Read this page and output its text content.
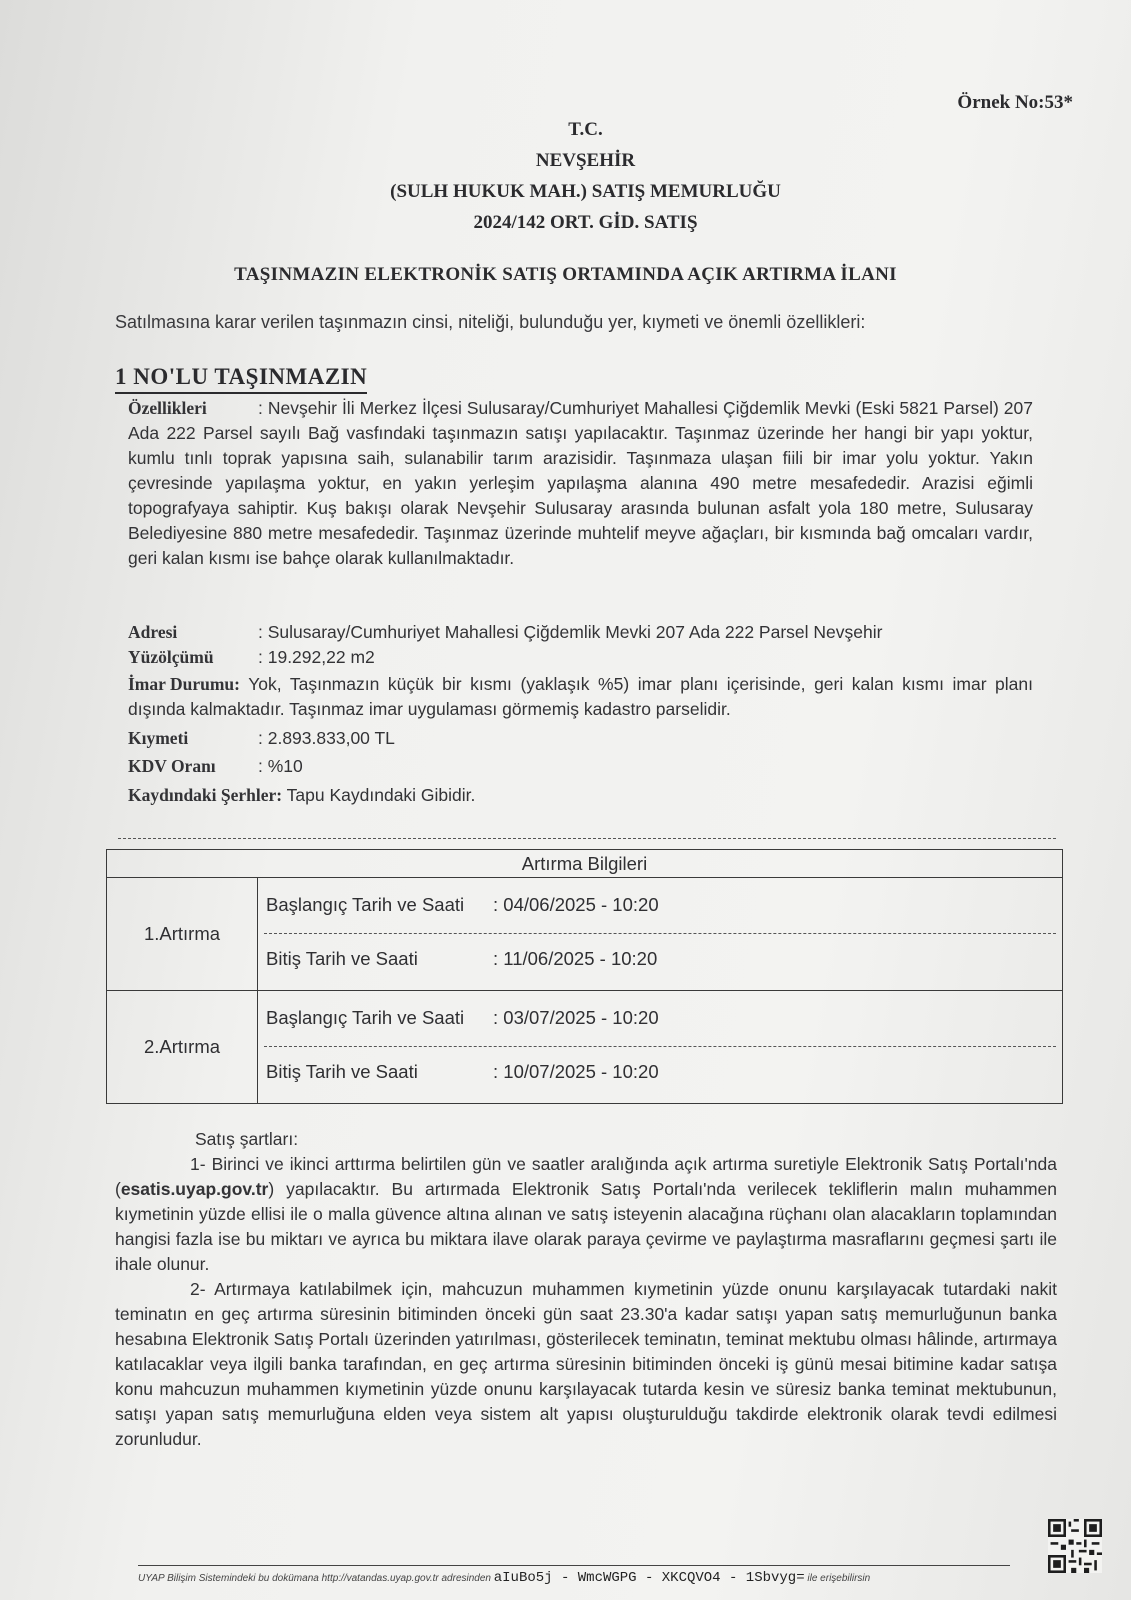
Örnek No:53*
T.C.
NEVŞEHİR
(SULH HUKUK MAH.) SATIŞ MEMURLUĞU
2024/142 ORT. GİD. SATIŞ
TAŞINMAZIN ELEKTRONİK SATIŞ ORTAMINDA AÇIK ARTIRMA İLANI
Satılmasına karar verilen taşınmazın cinsi, niteliği, bulunduğu yer, kıymeti ve önemli özellikleri:
1 NO'LU TAŞINMAZIN

Özellikleri	: Nevşehir İli Merkez İlçesi Sulusaray/Cumhuriyet Mahallesi Çiğdemlik Mevki (Eski 5821 Parsel) 207 Ada 222 Parsel sayılı Bağ vasfındaki taşınmazın satışı yapılacaktır. Taşınmaz üzerinde her hangi bir yapı yoktur, kumlu tınlı toprak yapısına saih, sulanabilir tarım arazisidir. Taşınmaza ulaşan fiili bir imar yolu yoktur. Yakın çevresinde yapılaşma yoktur, en yakın yerleşim yapılaşma alanına 490 metre mesafededir. Arazisi eğimli topografyaya sahiptir. Kuş bakışı olarak Nevşehir Sulusaray arasında bulunan asfalt yola 180 metre, Sulusaray Belediyesine 880 metre mesafededir. Taşınmaz üzerinde muhtelif meyve ağaçları, bir kısmında bağ omcaları vardır, geri kalan kısmı ise bahçe olarak kullanılmaktadır.

Adresi	: Sulusaray/Cumhuriyet Mahallesi Çiğdemlik Mevki 207 Ada 222 Parsel Nevşehir
Yüzölçümü	: 19.292,22 m2

İmar Durumu: Yok, Taşınmazın küçük bir kısmı (yaklaşık %5) imar planı içerisinde, geri kalan kısmı imar planı dışında kalmaktadır. Taşınmaz imar uygulaması görmemiş kadastro parselidir.

Kıymeti	: 2.893.833,00 TL
KDV Oranı	: %10
Kaydındaki Şerhler: Tapu Kaydındaki Gibidir.
Artırma Bilgileri	
1.Artırma	Başlangıç Tarih ve Saati : 04/06/2025 - 10:20
Bitiş Tarih ve Saati : 11/06/2025 - 10:20

2.Artırma	Başlangıç Tarih ve Saati : 03/07/2025 - 10:20
Bitiş Tarih ve Saati : 10/07/2025 - 10:20

Satış şartları:

1- Birinci ve ikinci arttırma belirtilen gün ve saatler aralığında açık artırma suretiyle Elektronik Satış Portalı'nda (esatis.uyap.gov.tr) yapılacaktır. Bu artırmada Elektronik Satış Portalı'nda verilecek tekliflerin malın muhammen kıymetinin yüzde ellisi ile o malla güvence altına alınan ve satış isteyenin alacağına rüçhanı olan alacakların toplamından hangisi fazla ise bu miktarı ve ayrıca bu miktara ilave olarak paraya çevirme ve paylaştırma masraflarını geçmesi şartı ile ihale olunur.

2- Artırmaya katılabilmek için, mahcuzun muhammen kıymetinin yüzde onunu karşılayacak tutardaki nakit teminatın en geç artırma süresinin bitiminden önceki gün saat 23.30'a kadar satışı yapan satış memurluğunun banka hesabına Elektronik Satış Portalı üzerinden yatırılması, gösterilecek teminatın, teminat mektubu olması hâlinde, artırmaya katılacaklar veya ilgili banka tarafından, en geç artırma süresinin bitiminden önceki iş günü mesai bitimine kadar satışa konu mahcuzun muhammen kıymetinin yüzde onunu karşılayacak tutarda kesin ve süresiz banka teminat mektubunun, satışı yapan satış memurluğuna elden veya sistem alt yapısı oluşturulduğu takdirde elektronik olarak tevdi edilmesi zorunludur.

UYAP Bilişim Sistemindeki bu dokümana http://vatandas.uyap.gov.tr adresinden aIuBo5j - WmcWGPG - XKCQVO4 - 1Sbvyg= ile erişebilirsin
